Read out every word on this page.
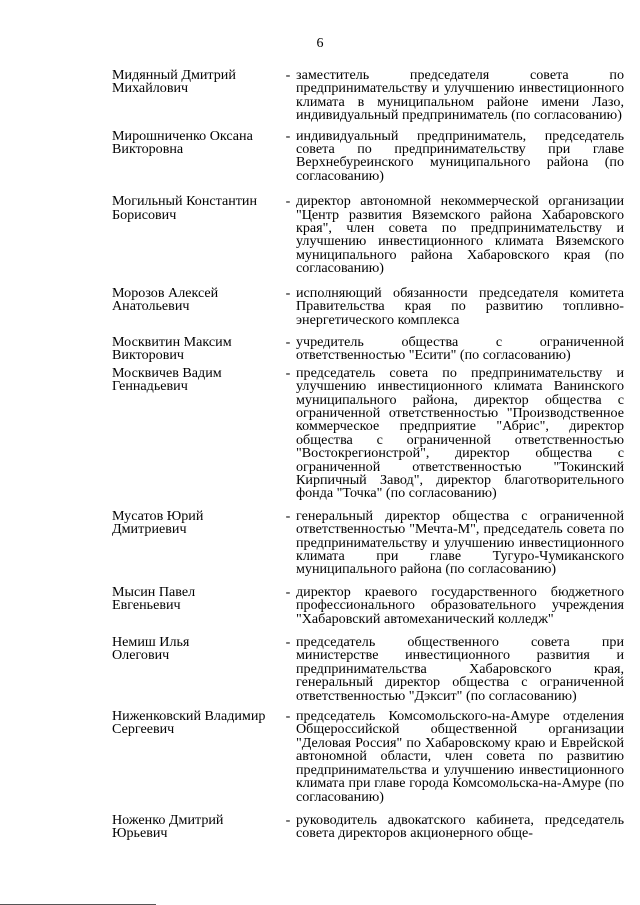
6
Мидянный Дмитрий
Михайлович
- заместитель председателя совета по предпринимательству и улучшению инвестиционного климата в муниципальном районе имени Лазо, индивидуальный предприниматель (по согласованию)
Мирошниченко Оксана
Викторовна
- индивидуальный предприниматель, председатель совета по предпринимательству при главе Верхнебуреинского муниципального района (по согласованию)
Могильный Константин
Борисович
- директор автономной некоммерческой организации "Центр развития Вяземского района Хабаровского края", член совета по предпринимательству и улучшению инвестиционного климата Вяземского муниципального района Хабаровского края (по согласованию)
Морозов Алексей
Анатольевич
- исполняющий обязанности председателя комитета Правительства края по развитию топливно-энергетического комплекса
Москвитин Максим
Викторович
- учредитель общества с ограниченной ответственностью "Есити" (по согласованию)
Москвичев Вадим
Геннадьевич
- председатель совета по предпринимательству и улучшению инвестиционного климата Ванинского муниципального района, директор общества с ограниченной ответственностью "Производственное коммерческое предприятие "Абрис", директор общества с ограниченной ответственностью "Востокрегионстрой", директор общества с ограниченной ответственностью "Токинский Кирпичный Завод", директор благотворительного фонда "Точка" (по согласованию)
Мусатов Юрий
Дмитриевич
- генеральный директор общества с ограниченной ответственностью "Мечта-М", председатель совета по предпринимательству и улучшению инвестиционного климата при главе Тугуро-Чумиканского муниципального района (по согласованию)
Мысин Павел
Евгеньевич
- директор краевого государственного бюджетного профессионального образовательного учреждения "Хабаровский автомеханический колледж"
Немиш Илья
Олегович
- председатель общественного совета при министерстве инвестиционного развития и предпринимательства Хабаровского края, генеральный директор общества с ограниченной ответственностью "Дэксит" (по согласованию)
Ниженковский Владимир
Сергеевич
- председатель Комсомольского-на-Амуре отделения Общероссийской общественной организации "Деловая Россия" по Хабаровскому краю и Еврейской автономной области, член совета по развитию предпринимательства и улучшению инвестиционного климата при главе города Комсомольска-на-Амуре (по согласованию)
Ноженко Дмитрий
Юрьевич
- руководитель адвокатского кабинета, председатель совета директоров акционерного обще-
